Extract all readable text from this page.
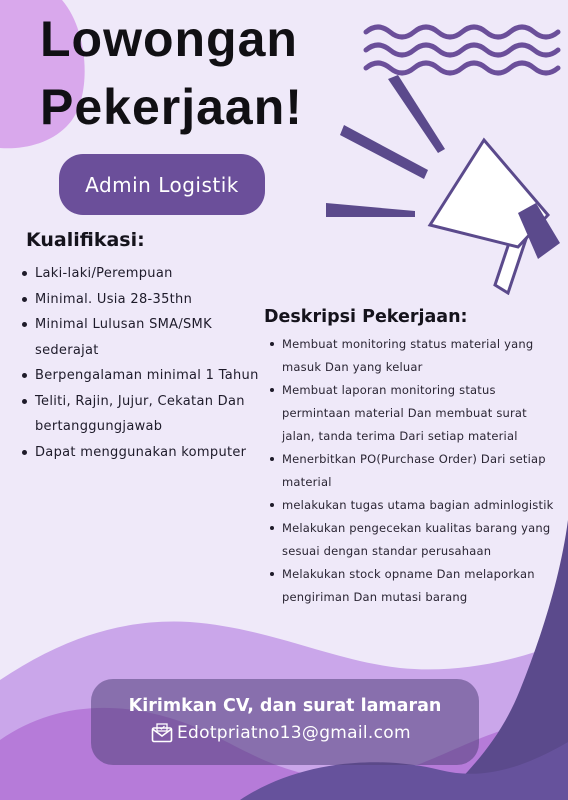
Lowongan
Pekerjaan!
Admin Logistik
Kualifikasi:
Laki-laki/Perempuan
Minimal. Usia 28-35thn
Minimal Lulusan SMA/SMK sederajat
Berpengalaman minimal 1 Tahun
Teliti, Rajin, Jujur, Cekatan Dan bertanggungjawab
Dapat menggunakan komputer
Deskripsi Pekerjaan:
Membuat monitoring status material yang masuk Dan yang keluar
Membuat laporan monitoring status permintaan material Dan membuat surat jalan, tanda terima Dari setiap material
Menerbitkan PO(Purchase Order) Dari setiap material
melakukan tugas utama bagian adminlogistik
Melakukan pengecekan kualitas barang yang sesuai dengan standar perusahaan
Melakukan stock opname Dan melaporkan pengiriman Dan mutasi barang

Kirimkan CV, dan surat lamaran

Edotpriatno13@gmail.com
